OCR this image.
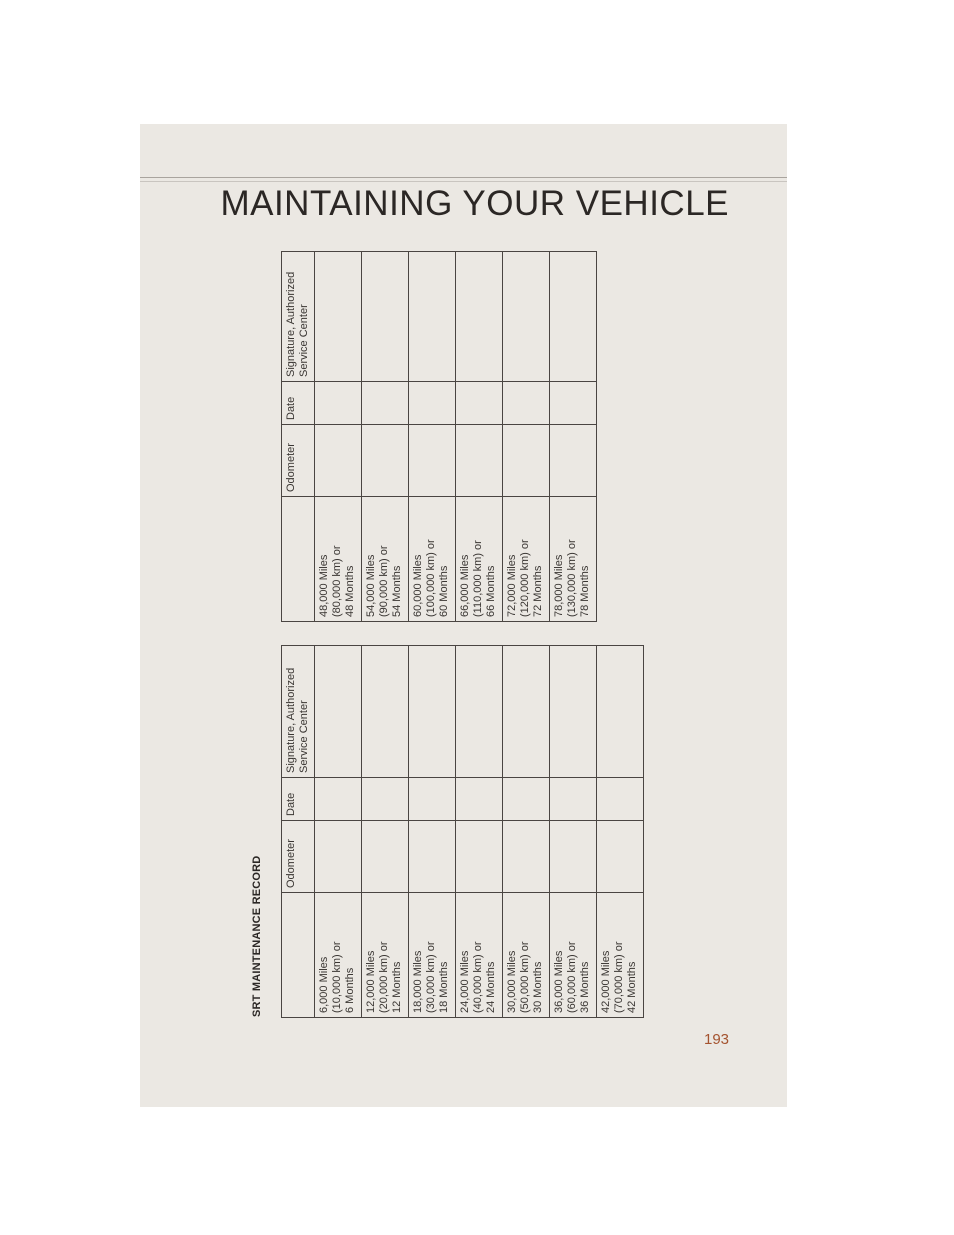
MAINTAINING YOUR VEHICLE
SRT MAINTENANCE RECORD
	Odometer	Date	Signature, Authorized
Service Center
6,000 Miles
(10,000 km) or
6 Months			
12,000 Miles
(20,000 km) or
12 Months			
18,000 Miles
(30,000 km) or
18 Months			
24,000 Miles
(40,000 km) or
24 Months			
30,000 Miles
(50,000 km) or
30 Months			
36,000 Miles
(60,000 km) or
36 Months			
42,000 Miles
(70,000 km) or
42 Months			
	Odometer	Date	Signature, Authorized
Service Center
48,000 Miles
(80,000 km) or
48 Months			
54,000 Miles
(90,000 km) or
54 Months			
60,000 Miles
(100,000 km) or
60 Months			
66,000 Miles
(110,000 km) or
66 Months			
72,000 Miles
(120,000 km) or
72 Months			
78,000 Miles
(130,000 km) or
78 Months			
193
